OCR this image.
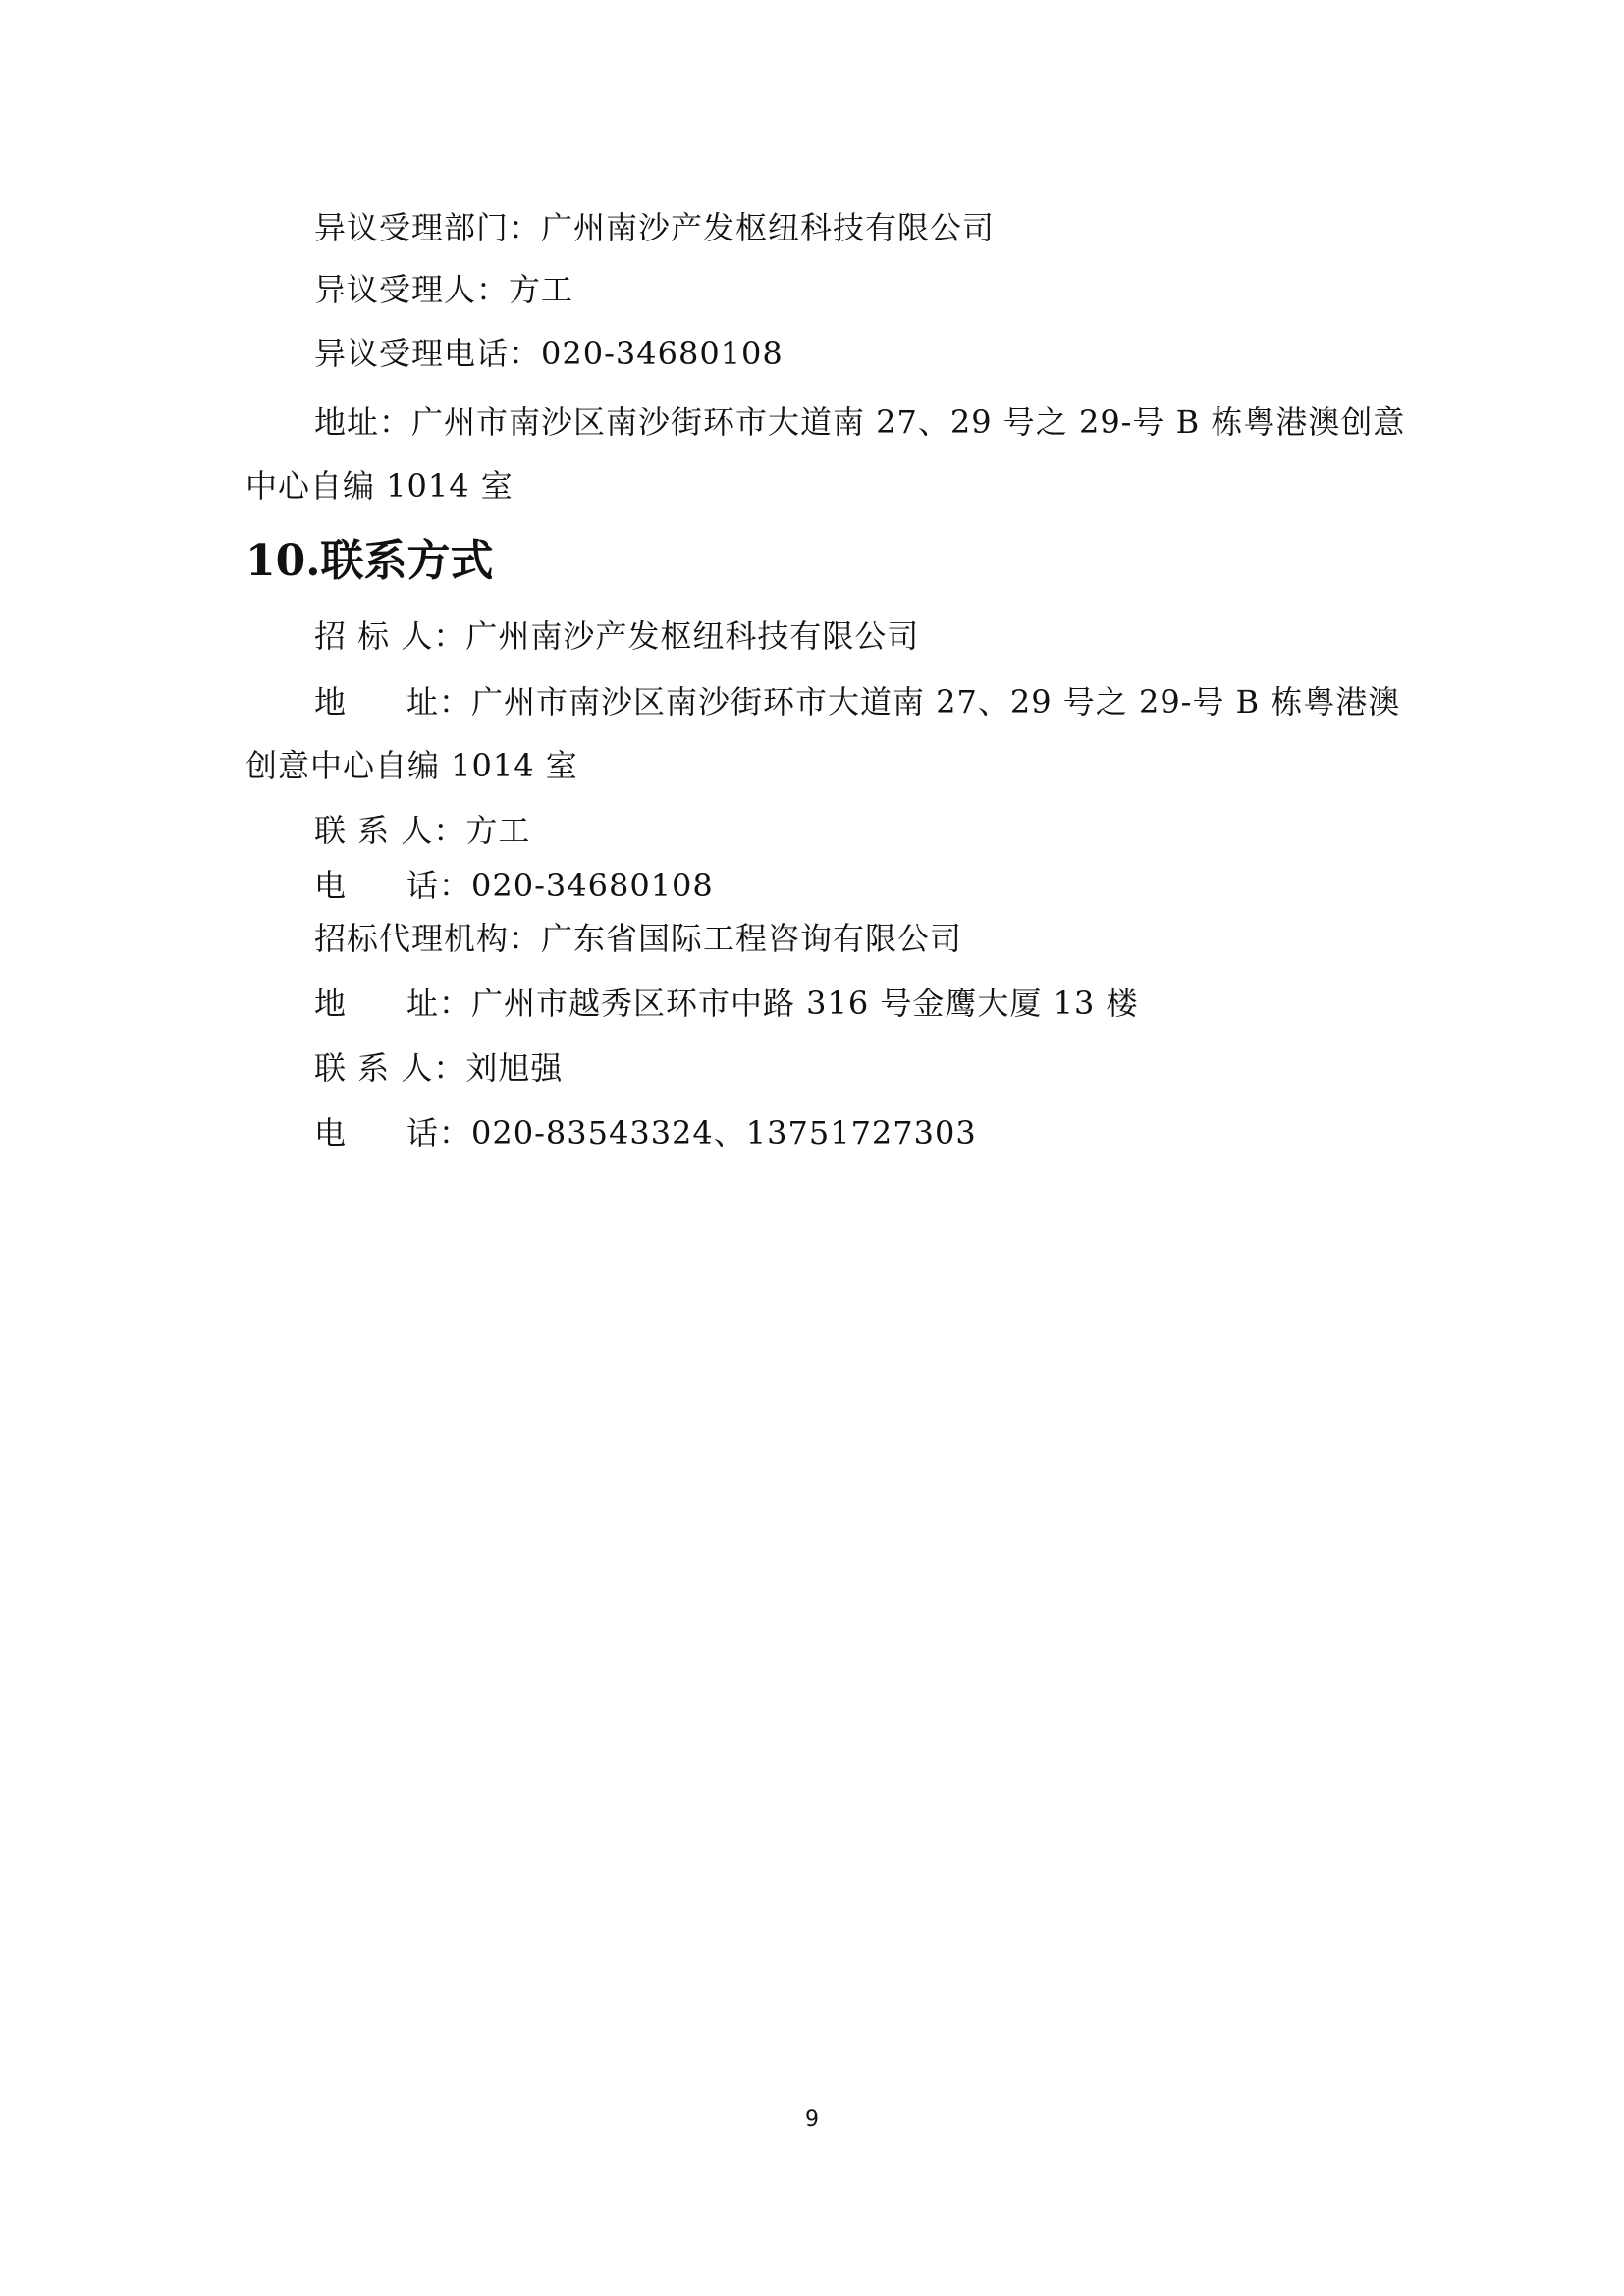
异议受理部门：广州南沙产发枢纽科技有限公司
异议受理人：方工
异议受理电话：020-34680108
地址：广州市南沙区南沙街环市大道南 27、29 号之 29-号 B 栋粤港澳创意
中心自编 1014 室
10.联系方式
招 标 人：广州南沙产发枢纽科技有限公司
地 址： 广州市南沙区南沙街环市大道南 27、29 号之 29-号 B 栋粤港澳
创意中心自编 1014 室
联 系 人：方工
电 话： 020-34680108
招标代理机构：广东省国际工程咨询有限公司
地 址： 广州市越秀区环市中路 316 号金鹰大厦 13 楼
联 系 人：刘旭强
电 话： 020-83543324、13751727303
9
